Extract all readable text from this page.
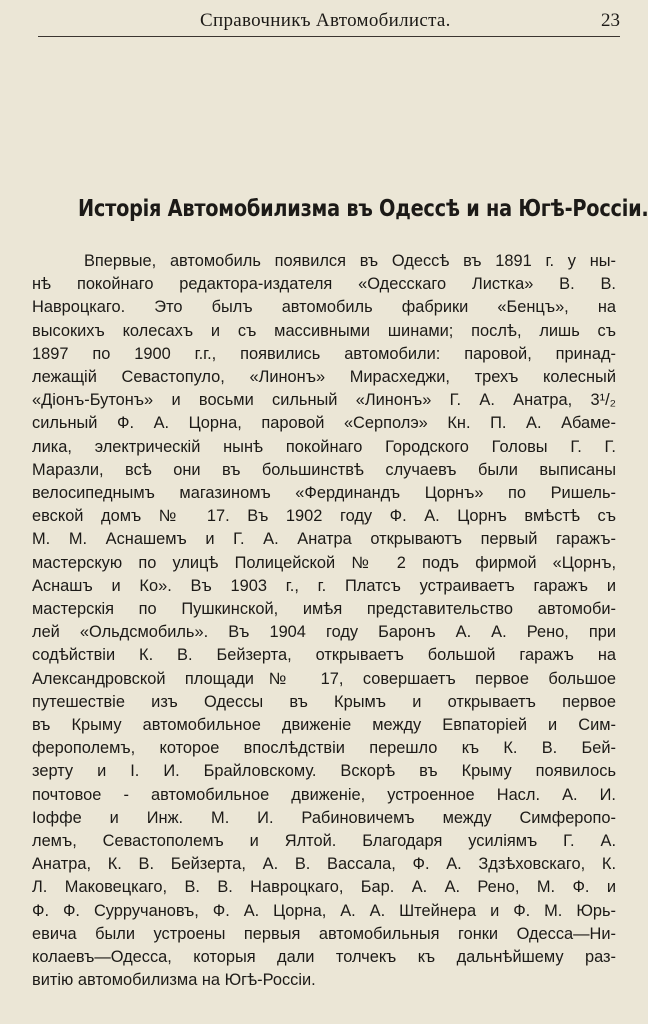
Справочникъ Автомобилиста.	23
Исторiя Автомобилизма въ Одессѣ и на Югѣ-Россiи.
Впервые, автомобиль появился въ Одессѣ въ 1891 г. у ны-
нѣ покойнаго редактора-издателя «Одесскаго Листка» В. В.
Навроцкаго. Это былъ автомобиль фабрики «Бенцъ», на
высокихъ колесахъ и съ массивными шинами; послѣ, лишь съ
1897 по 1900 г.г., появились автомобили: паровой, принад-
лежащiй Севастопуло, «Линонъ» Мирасхеджи, трехъ колесный
«Дiонъ-Бутонъ» и восьми сильный «Линонъ» Г. А. Анатра, 3¹/₂
сильный Ф. А. Цорна, паровой «Серполэ» Кн. П. А. Абаме-
лика, электрическiй нынѣ покойнаго Городского Головы Г. Г.
Маразли, всѣ они въ большинствѣ случаевъ были выписаны
велосипеднымъ магазиномъ «Фердинандъ Цорнъ» по Ришель-
евской домъ № 17. Въ 1902 году Ф. А. Цорнъ вмѣстѣ съ
М. М. Аснашемъ и Г. А. Анатра открываютъ первый гаражъ-
мастерскую по улицѣ Полицейской № 2 подъ фирмой «Цорнъ,
Аснашъ и Ко». Въ 1903 г., г. Платсъ устраиваетъ гаражъ и
мастерскiя по Пушкинской, имѣя представительство автомоби-
лей «Ольдсмобиль». Въ 1904 году Баронъ А. А. Рено, при
содѣйствiи К. В. Бейзерта, открываетъ большой гаражъ на
Александровской площади№ 17, совершаетъ первое большое
путешествiе изъ Одессы въ Крымъ и открываетъ первое
въ Крыму автомобильное движенiе между Евпаторiей и Сим-
ферополемъ, которое впослѣдствiи перешло къ К. В. Бей-
зерту и I. И. Брайловскому. Вскорѣ въ Крыму появилось
почтовое - автомобильное движенiе, устроенное Насл. А. И.
Iоффе и Инж. М. И. Рабиновичемъ между Симферопо-
лемъ, Севастополемъ и Ялтой. Благодаря усилiямъ Г. А.
Анатра, К. В. Бейзерта, А. В. Вассала, Ф. А. Здзѣховскаго, К.
Л. Маковецкаго, В. В. Навроцкаго, Бар. А. А. Рено, М. Ф. и
Ф. Ф. Сурручановъ, Ф. А. Цорна, А. А. Штейнера и Ф. М. Юрь-
евича были устроены первыя автомобильныя гонки Одесса—Ни-
колаевъ—Одесса, которыя дали толчекъ къ дальнѣйшему раз-
витiю автомобилизма на Югѣ-Россiи.
